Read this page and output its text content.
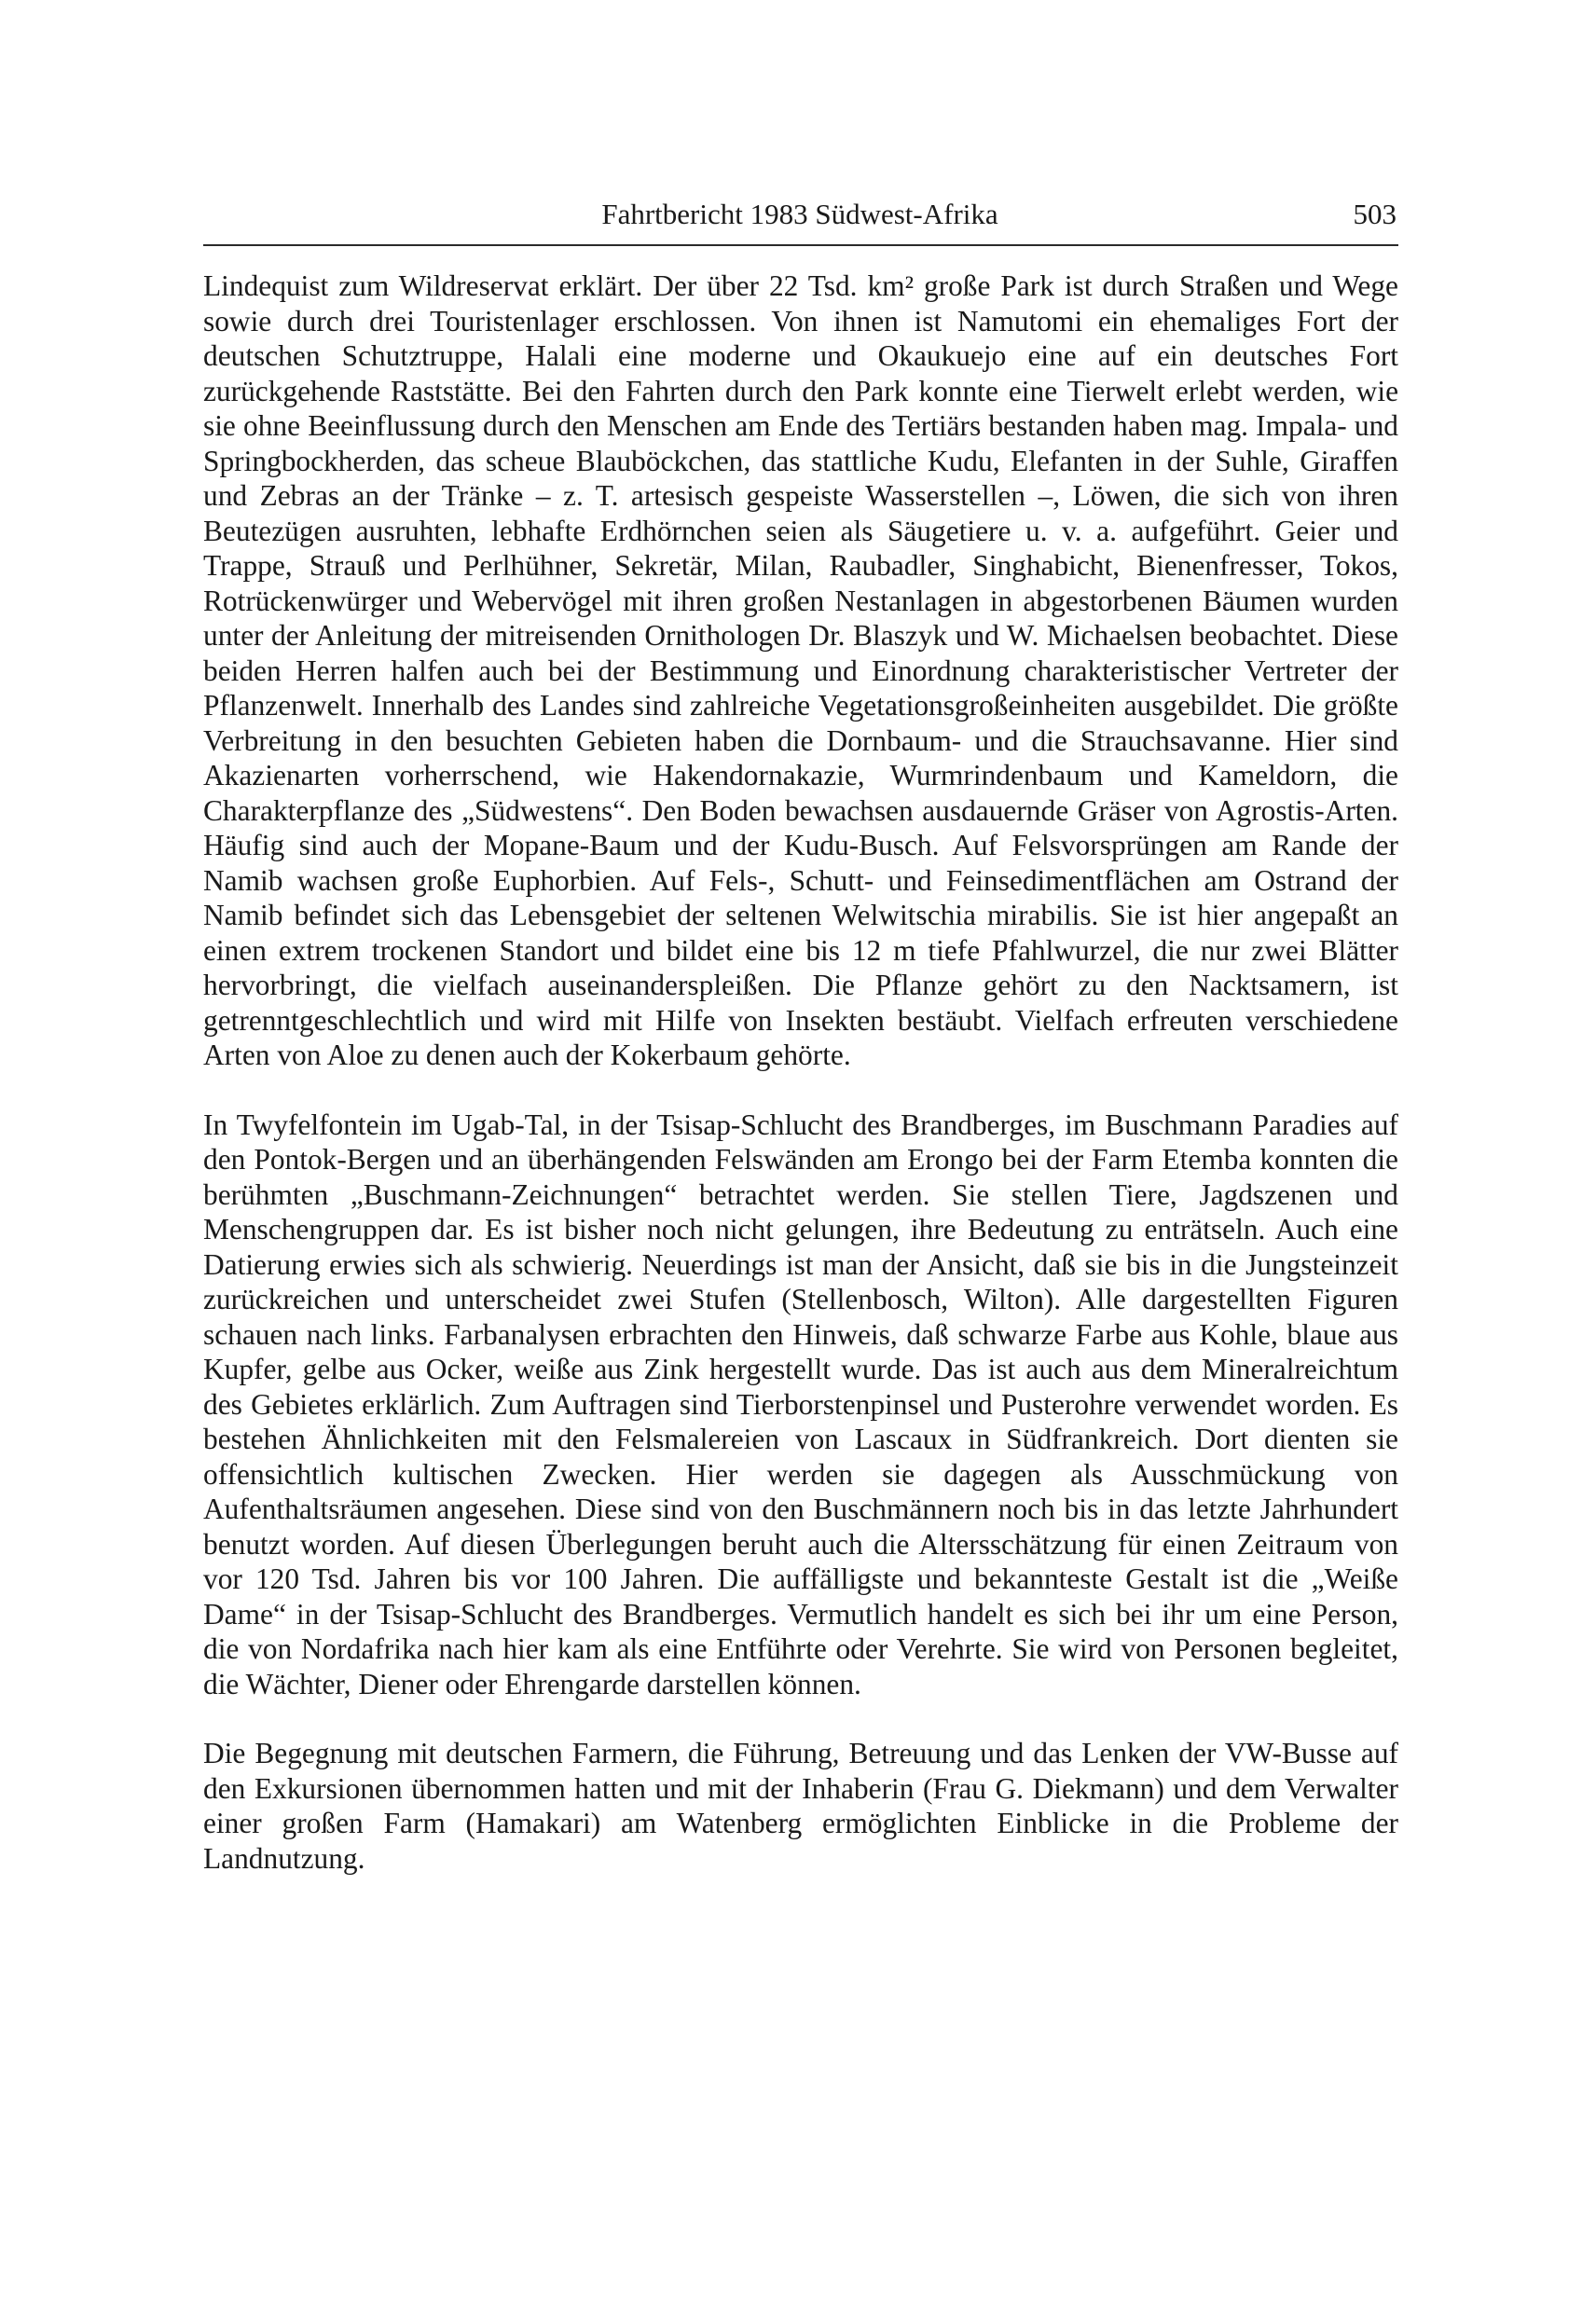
Fahrtbericht 1983 Südwest-Afrika	503

Lindequist zum Wildreservat erklärt. Der über 22 Tsd. km² große Park ist durch Straßen und Wege sowie durch drei Touristenlager erschlossen. Von ihnen ist Namutomi ein ehemaliges Fort der deutschen Schutztruppe, Halali eine moderne und Okaukuejo eine auf ein deutsches Fort zurückgehende Raststätte. Bei den Fahrten durch den Park konnte eine Tierwelt erlebt werden, wie sie ohne Beeinflussung durch den Menschen am Ende des Tertiärs bestanden haben mag. Impala- und Springbockherden, das scheue Blauböckchen, das stattliche Kudu, Elefanten in der Suhle, Giraffen und Zebras an der Tränke – z. T. artesisch gespeiste Wasserstellen –, Löwen, die sich von ihren Beutezügen ausruhten, lebhafte Erdhörnchen seien als Säugetiere u. v. a. aufgeführt. Geier und Trappe, Strauß und Perlhühner, Sekretär, Milan, Raubadler, Singhabicht, Bienenfresser, Tokos, Rotrückenwürger und Webervögel mit ihren großen Nestanlagen in abgestorbenen Bäumen wurden unter der Anleitung der mitreisenden Ornithologen Dr. Blaszyk und W. Michaelsen beobachtet. Diese beiden Herren halfen auch bei der Bestimmung und Einordnung charakteristischer Vertreter der Pflanzenwelt. Innerhalb des Landes sind zahlreiche Vegetationsgroßeinheiten ausgebildet. Die größte Verbreitung in den besuchten Gebieten haben die Dornbaum- und die Strauchsavanne. Hier sind Akazienarten vorherrschend, wie Hakendornakazie, Wurmrindenbaum und Kameldorn, die Charakterpflanze des „Südwestens“. Den Boden bewachsen ausdauernde Gräser von Agrostis-Arten. Häufig sind auch der Mopane-Baum und der Kudu-Busch. Auf Felsvorsprüngen am Rande der Namib wachsen große Euphorbien. Auf Fels-, Schutt- und Feinsedimentflächen am Ostrand der Namib befindet sich das Lebensgebiet der seltenen Welwitschia mirabilis. Sie ist hier angepaßt an einen extrem trockenen Standort und bildet eine bis 12 m tiefe Pfahlwurzel, die nur zwei Blätter hervorbringt, die vielfach auseinanderspleißen. Die Pflanze gehört zu den Nacktsamern, ist getrenntgeschlechtlich und wird mit Hilfe von Insekten bestäubt. Vielfach erfreuten verschiedene Arten von Aloe zu denen auch der Kokerbaum gehörte.

In Twyfelfontein im Ugab-Tal, in der Tsisap-Schlucht des Brandberges, im Buschmann Paradies auf den Pontok-Bergen und an überhängenden Felswänden am Erongo bei der Farm Etemba konnten die berühmten „Buschmann-Zeichnungen“ betrachtet werden. Sie stellen Tiere, Jagdszenen und Menschengruppen dar. Es ist bisher noch nicht gelungen, ihre Bedeutung zu enträtseln. Auch eine Datierung erwies sich als schwierig. Neuerdings ist man der Ansicht, daß sie bis in die Jungsteinzeit zurückreichen und unterscheidet zwei Stufen (Stellenbosch, Wilton). Alle dargestellten Figuren schauen nach links. Farbanalysen erbrachten den Hinweis, daß schwarze Farbe aus Kohle, blaue aus Kupfer, gelbe aus Ocker, weiße aus Zink hergestellt wurde. Das ist auch aus dem Mineralreichtum des Gebietes erklärlich. Zum Auftragen sind Tierborstenpinsel und Pusterohre verwendet worden. Es bestehen Ähnlichkeiten mit den Felsmalereien von Lascaux in Südfrankreich. Dort dienten sie offensichtlich kultischen Zwecken. Hier werden sie dagegen als Ausschmückung von Aufenthaltsräumen angesehen. Diese sind von den Buschmännern noch bis in das letzte Jahrhundert benutzt worden. Auf diesen Überlegungen beruht auch die Altersschätzung für einen Zeitraum von vor 120 Tsd. Jahren bis vor 100 Jahren. Die auffälligste und bekannteste Gestalt ist die „Weiße Dame“ in der Tsisap-Schlucht des Brandberges. Vermutlich handelt es sich bei ihr um eine Person, die von Nordafrika nach hier kam als eine Entführte oder Verehrte. Sie wird von Personen begleitet, die Wächter, Diener oder Ehrengarde darstellen können.

Die Begegnung mit deutschen Farmern, die Führung, Betreuung und das Lenken der VW-Busse auf den Exkursionen übernommen hatten und mit der Inhaberin (Frau G. Diekmann) und dem Verwalter einer großen Farm (Hamakari) am Watenberg ermöglichten Einblicke in die Probleme der Landnutzung.
